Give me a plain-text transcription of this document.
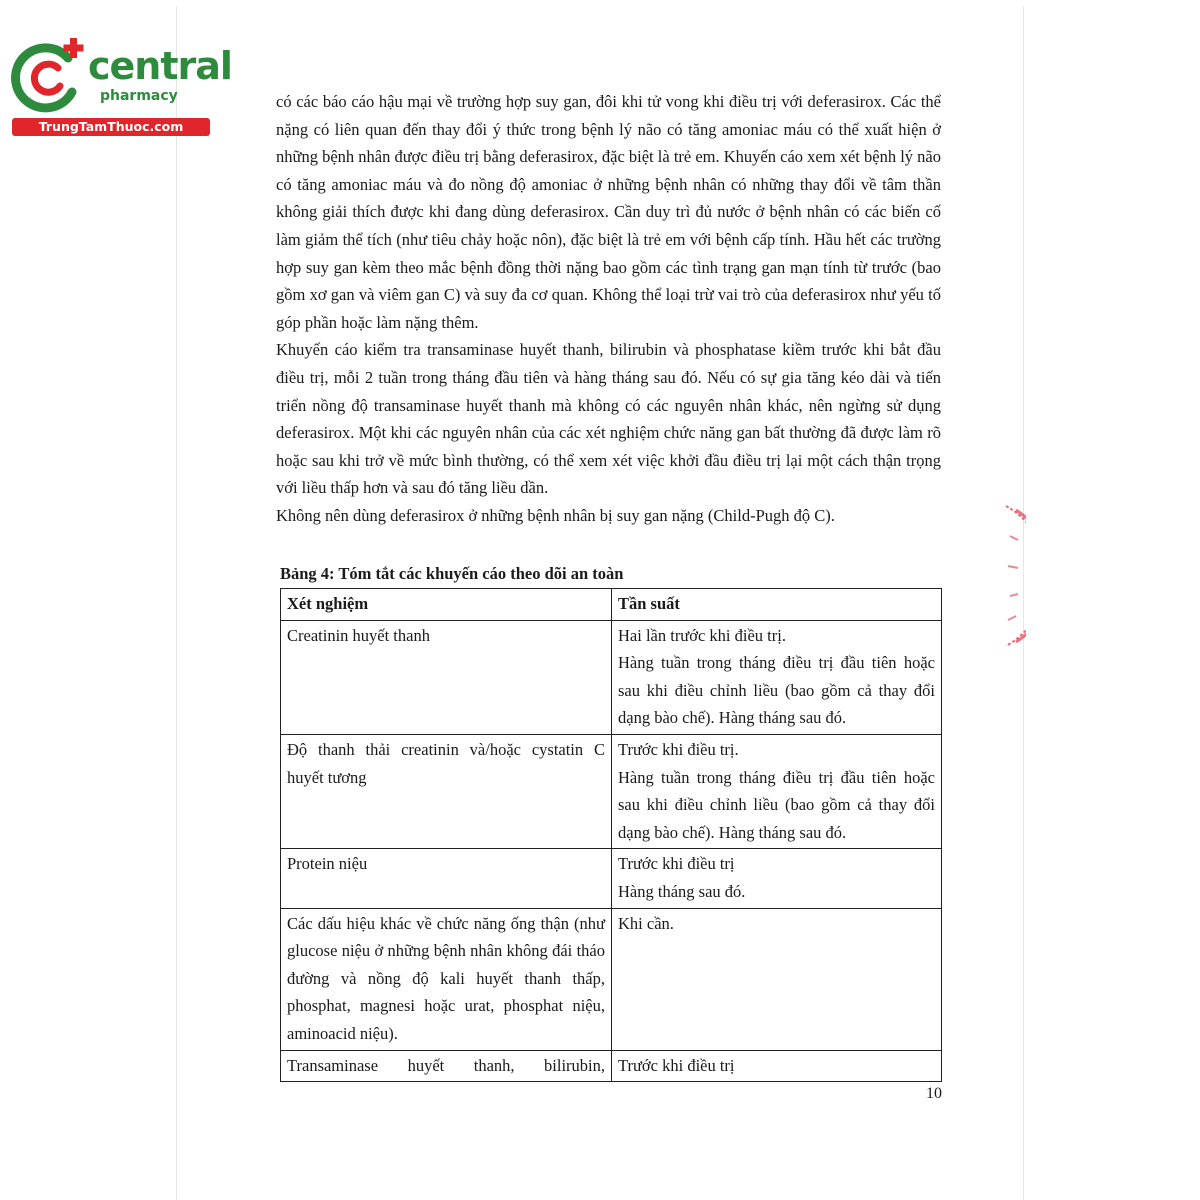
central
pharmacy
TrungTamThuoc.com

có các báo cáo hậu mại về trường hợp suy gan, đôi khi tử vong khi điều trị với deferasirox. Các thể nặng có liên quan đến thay đổi ý thức trong bệnh lý não có tăng amoniac máu có thể xuất hiện ở những bệnh nhân được điều trị bằng deferasirox, đặc biệt là trẻ em. Khuyến cáo xem xét bệnh lý não có tăng amoniac máu và đo nồng độ amoniac ở những bệnh nhân có những thay đổi về tâm thần không giải thích được khi đang dùng deferasirox. Cần duy trì đủ nước ở bệnh nhân có các biến cố làm giảm thể tích (như tiêu chảy hoặc nôn), đặc biệt là trẻ em với bệnh cấp tính. Hầu hết các trường hợp suy gan kèm theo mắc bệnh đồng thời nặng bao gồm các tình trạng gan mạn tính từ trước (bao gồm xơ gan và viêm gan C) và suy đa cơ quan. Không thể loại trừ vai trò của deferasirox như yếu tố góp phần hoặc làm nặng thêm.

Khuyến cáo kiểm tra transaminase huyết thanh, bilirubin và phosphatase kiềm trước khi bắt đầu điều trị, mỗi 2 tuần trong tháng đầu tiên và hàng tháng sau đó. Nếu có sự gia tăng kéo dài và tiến triển nồng độ transaminase huyết thanh mà không có các nguyên nhân khác, nên ngừng sử dụng deferasirox. Một khi các nguyên nhân của các xét nghiệm chức năng gan bất thường đã được làm rõ hoặc sau khi trở về mức bình thường, có thể xem xét việc khởi đầu điều trị lại một cách thận trọng với liều thấp hơn và sau đó tăng liều dần.

Không nên dùng deferasirox ở những bệnh nhân bị suy gan nặng (Child-Pugh độ C).

Bảng 4: Tóm tắt các khuyến cáo theo dõi an toàn
Xét nghiệm	Tần suất
Creatinin huyết thanh	Hai lần trước khi điều trị.
Hàng tuần trong tháng điều trị đầu tiên hoặc sau khi điều chỉnh liều (bao gồm cả thay đổi dạng bào chế). Hàng tháng sau đó.

Độ thanh thải creatinin và/hoặc cystatin C huyết tương	Trước khi điều trị.
Hàng tuần trong tháng điều trị đầu tiên hoặc sau khi điều chỉnh liều (bao gồm cả thay đổi dạng bào chế). Hàng tháng sau đó.

Protein niệu	Trước khi điều trị
Hàng tháng sau đó.

Các dấu hiệu khác về chức năng ống thận (như glucose niệu ở những bệnh nhân không đái tháo đường và nồng độ kali huyết thanh thấp, phosphat, magnesi hoặc urat, phosphat niệu, aminoacid niệu).	Khi cần.

Transaminase huyết thanh, bilirubin,	Trước khi điều trị
10
